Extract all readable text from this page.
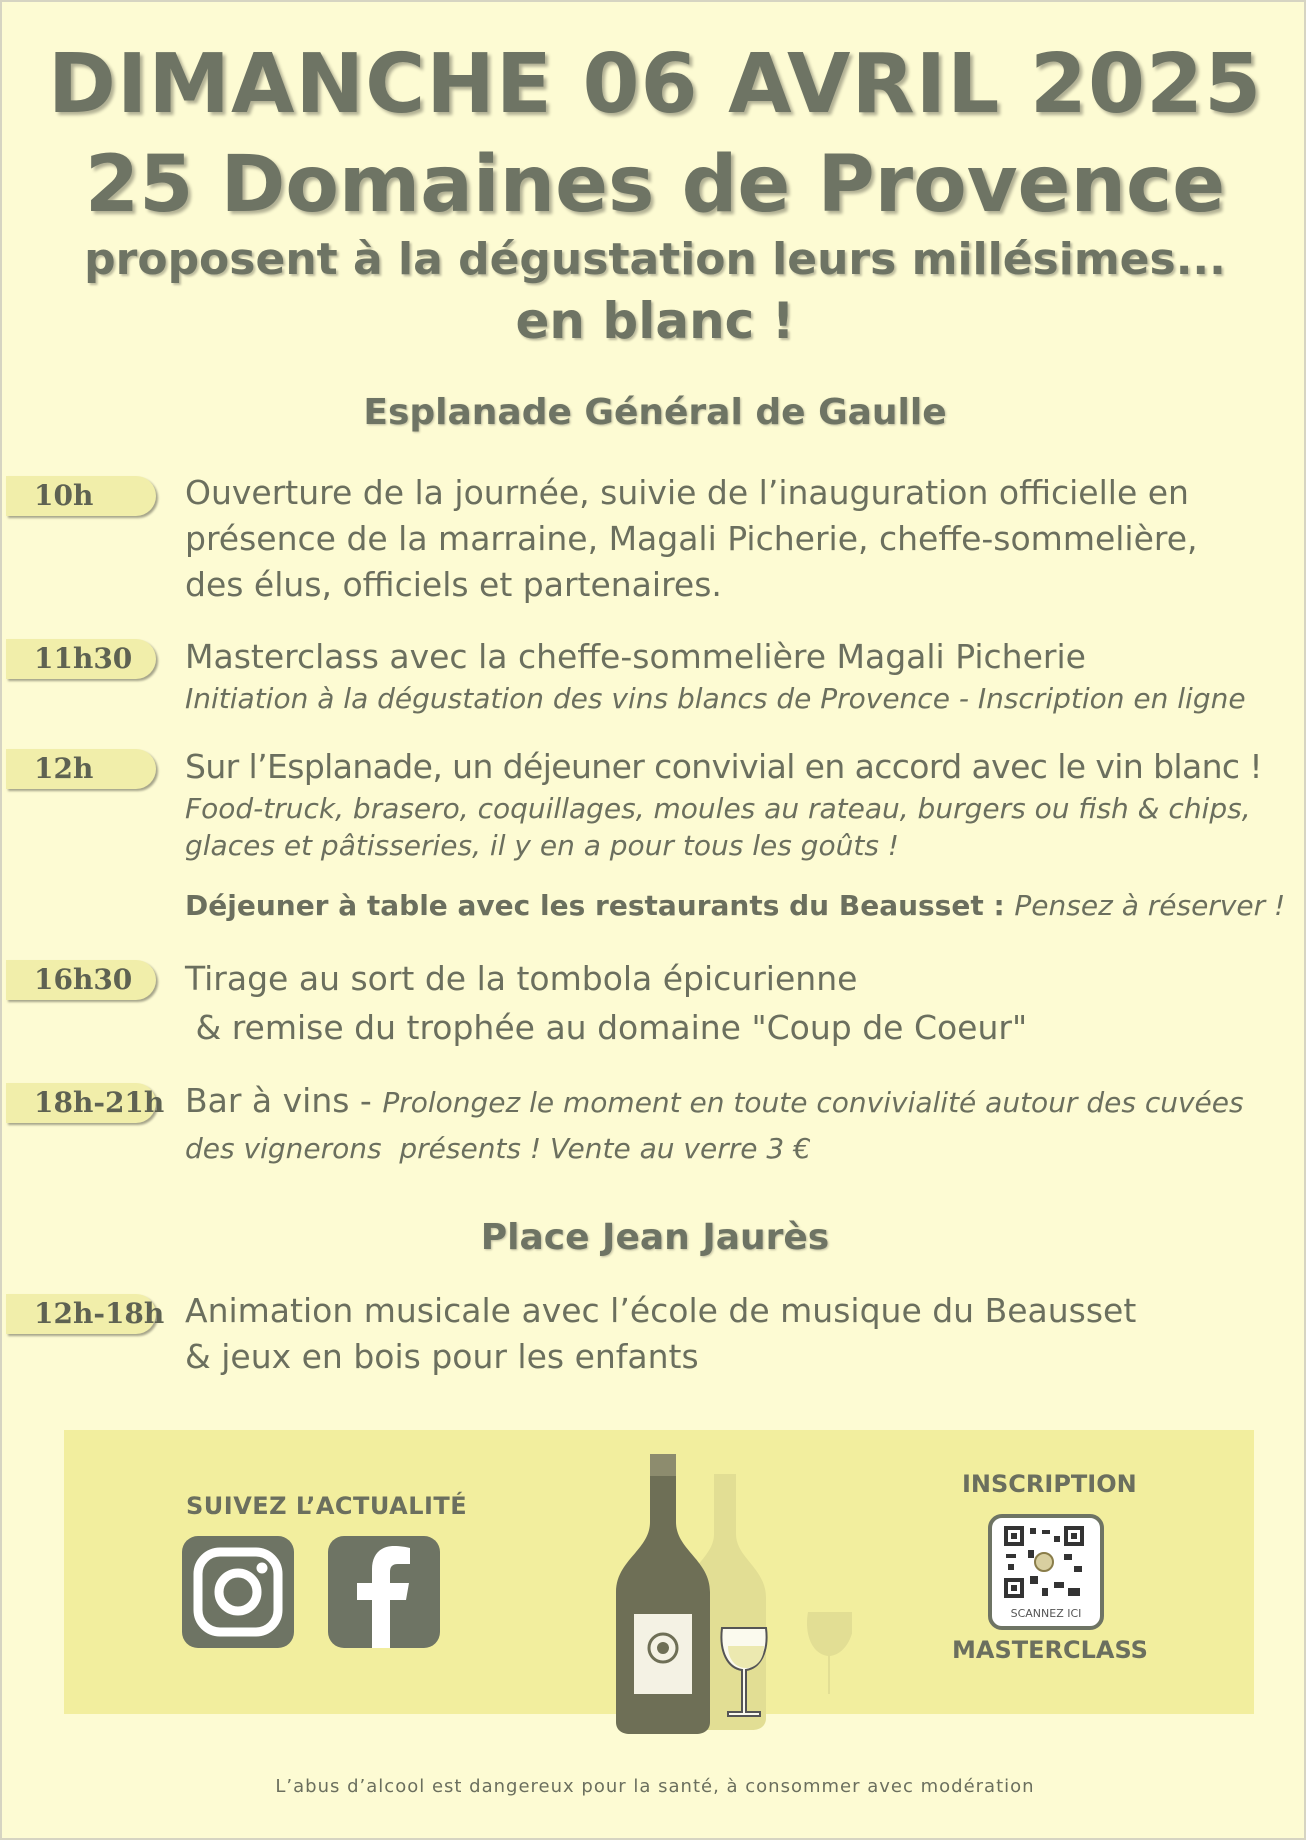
DIMANCHE 06 AVRIL 2025
25 Domaines de Provence
proposent à la dégustation leurs millésimes...
en blanc !
Esplanade Général de Gaulle
10h	Ouverture de la journée, suivie de l’inauguration officielle en
présence de la marraine, Magali Picherie, cheffe-sommelière,
des élus, officiels et partenaires.
11h30	Masterclass avec la cheffe-sommelière Magali Picherie
Initiation à la dégustation des vins blancs de Provence - Inscription en ligne
12h	Sur l’Esplanade, un déjeuner convivial en accord avec le vin blanc !
Food-truck, brasero, coquillages, moules au rateau, burgers ou fish & chips,
glaces et pâtisseries, il y en a pour tous les goûts !
Déjeuner à table avec les restaurants du Beausset : Pensez à réserver !
16h30	Tirage au sort de la tombola épicurienne
& remise du trophée au domaine "Coup de Coeur"
18h-21h Bar à vins - Prolongez le moment en toute convivialité autour des cuvées
des vignerons  présents ! Vente au verre 3 €
Place Jean Jaurès
12h-18h Animation musicale avec l’école de musique du Beausset
& jeux en bois pour les enfants
SUIVEZ L’ACTUALITÉ
INSCRIPTION
SCANNEZ ICI
MASTERCLASS
L’abus d’alcool est dangereux pour la santé, à consommer avec modération
